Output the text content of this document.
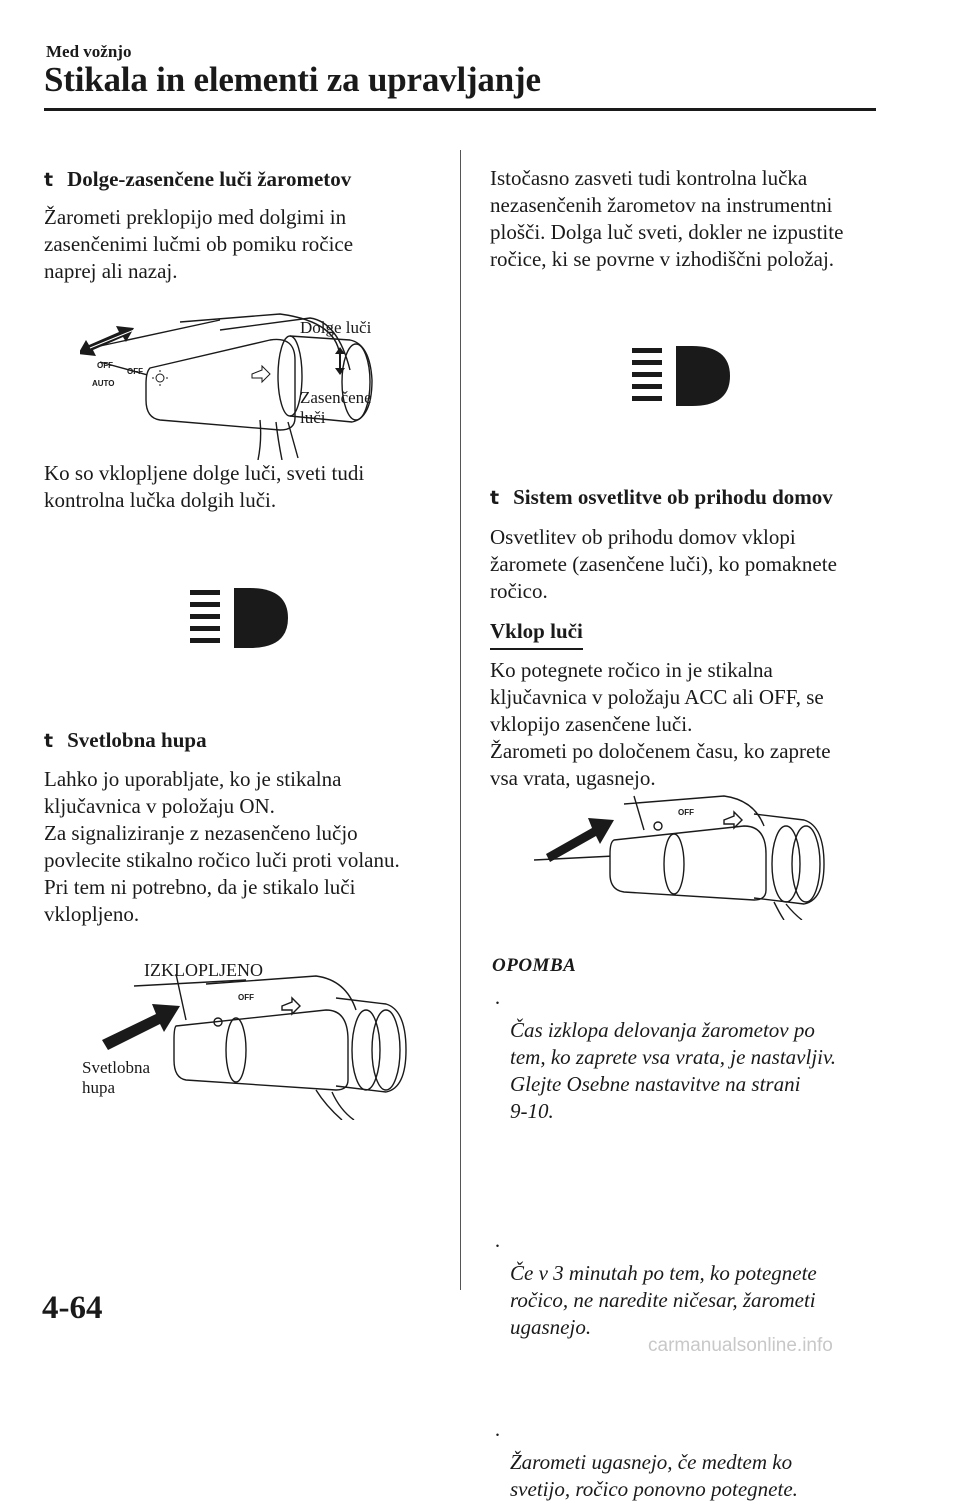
Med vožnjo
Stikala in elementi za upravljanje
t Dolge-zasenčene luči žarometov
Žarometi preklopijo med dolgimi in
zasenčenimi lučmi ob pomiku ročice
naprej ali nazaj.
OFF
OFF
AUTO
Dolge luči
Zasenčene
luči
Ko so vklopljene dolge luči, sveti tudi
kontrolna lučka dolgih luči.
t Svetlobna hupa
Lahko jo uporabljate, ko je stikalna
ključavnica v položaju ON.
Za signaliziranje z nezasenčeno lučjo
povlecite stikalno ročico luči proti volanu.
Pri tem ni potrebno, da je stikalo luči
vklopljeno.
IZKLOPLJENO
OFF
Svetlobna
hupa
Istočasno zasveti tudi kontrolna lučka
nezasenčenih žarometov na instrumentni
plošči. Dolga luč sveti, dokler ne izpustite
ročice, ki se povrne v izhodiščni položaj.
t Sistem osvetlitve ob prihodu domov
Osvetlitev ob prihodu domov vklopi
žaromete (zasenčene luči), ko pomaknete
ročico.
Vklop luči
Ko potegnete ročico in je stikalna
ključavnica v položaju ACC ali OFF, se
vklopijo zasenčene luči.
Žarometi po določenem času, ko zaprete
vsa vrata, ugasnejo.
OFF
OPOMBA

·
Čas izklopa delovanja žarometov po
tem, ko zaprete vsa vrata, je nastavljiv.
Glejte Osebne nastavitve na strani
9-10.

·
Če v 3 minutah po tem, ko potegnete
ročico, ne naredite ničesar, žarometi
ugasnejo.

·
Žarometi ugasnejo, če medtem ko
svetijo, ročico ponovno potegnete.

4-64
carmanualsonline.info
